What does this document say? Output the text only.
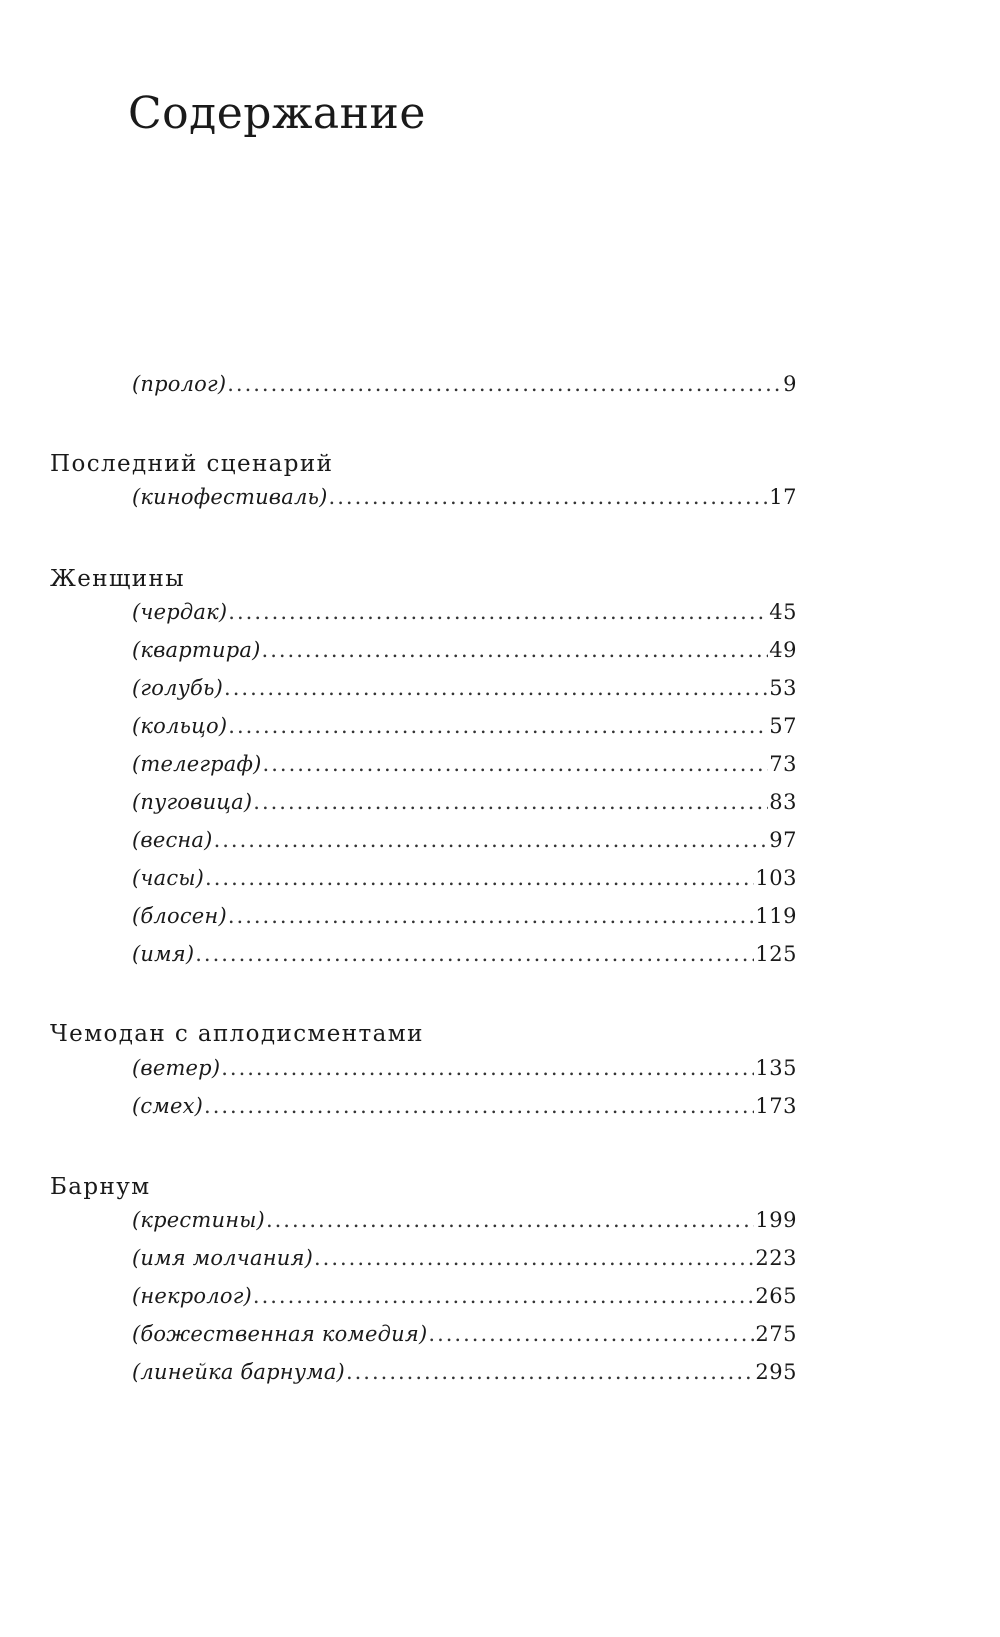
Содержание
(пролог) .....	9
Последний сценарий
(кинофестиваль) .....	17
Женщины
(чердак) .....	45
(квартира) .....	49
(голубь) .....	53
(кольцо) .....	57
(телеграф) .....	73
(пуговица) .....	83
(весна) .....	97
(часы) .....	103
(блосен) .....	119
(имя) .....	125
Чемодан с аплодисментами
(ветер) .....	135
(смех) .....	173
Барнум
(крестины) .....	199
(имя молчания) .....	223
(некролог) .....	265
(божественная комедия) .....	275
(линейка барнума) .....	295
